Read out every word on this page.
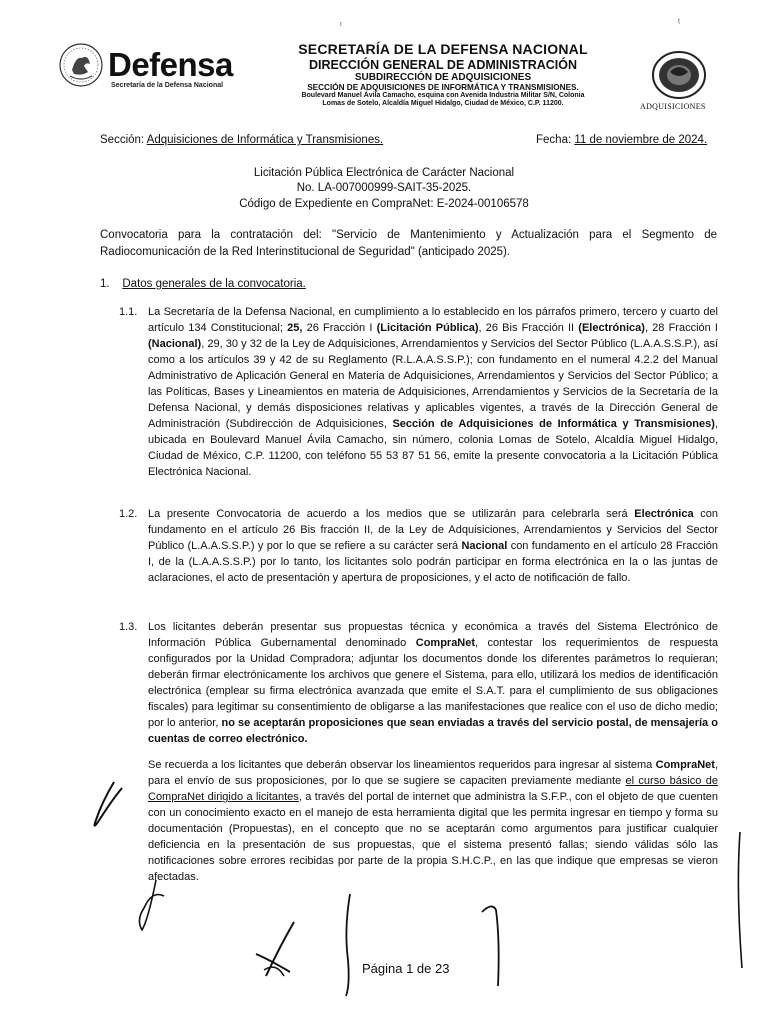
Defensa
Secretaría de la Defensa Nacional
SECRETARÍA DE LA DEFENSA NACIONAL
DIRECCIÓN GENERAL DE ADMINISTRACIÓN
SUBDIRECCIÓN DE ADQUISICIONES
SECCIÓN DE ADQUISICIONES DE INFORMÁTICA Y TRANSMISIONES.
Boulevard Manuel Ávila Camacho, esquina con Avenida Industria Militar S/N, Colonia
Lomas de Sotelo, Alcaldía Miguel Hidalgo, Ciudad de México, C.P. 11200.	ADQUISICIONES
ᵗ	ᵗ
Sección: Adquisiciones de Informática y Transmisiones.	Fecha: 11 de noviembre de 2024.
Licitación Pública Electrónica de Carácter Nacional
No. LA-007000999-SAIT-35-2025.
Código de Expediente en CompraNet: E-2024-00106578
Convocatoria para la contratación del: "Servicio de Mantenimiento y Actualización para el Segmento de Radiocomunicación de la Red Interinstitucional de Seguridad" (anticipado 2025).
1. Datos generales de la convocatoria.
1.1. La Secretaría de la Defensa Nacional, en cumplimiento a lo establecido en los párrafos primero, tercero y cuarto del artículo 134 Constitucional; 25, 26 Fracción I (Licitación Pública), 26 Bis Fracción II (Electrónica), 28 Fracción I (Nacional), 29, 30 y 32 de la Ley de Adquisiciones, Arrendamientos y Servicios del Sector Público (L.A.A.S.S.P.), así como a los artículos 39 y 42 de su Reglamento (R.L.A.A.S.S.P.); con fundamento en el numeral 4.2.2 del Manual Administrativo de Aplicación General en Materia de Adquisiciones, Arrendamientos y Servicios del Sector Público; a las Políticas, Bases y Lineamientos en materia de Adquisiciones, Arrendamientos y Servicios de la Secretaría de la Defensa Nacional, y demás disposiciones relativas y aplicables vigentes, a través de la Dirección General de Administración (Subdirección de Adquisiciones, Sección de Adquisiciones de Informática y Transmisiones), ubicada en Boulevard Manuel Ávila Camacho, sin número, colonia Lomas de Sotelo, Alcaldía Miguel Hidalgo, Ciudad de México, C.P. 11200, con teléfono 55 53 87 51 56, emite la presente convocatoria a la Licitación Pública Electrónica Nacional.
1.2. La presente Convocatoria de acuerdo a los medios que se utilizarán para celebrarla será Electrónica con fundamento en el artículo 26 Bis fracción II, de la Ley de Adquisiciones, Arrendamientos y Servicios del Sector Público (L.A.A.S.S.P.) y por lo que se refiere a su carácter será Nacional con fundamento en el artículo 28 Fracción I, de la (L.A.A.S.S.P.) por lo tanto, los licitantes solo podrán participar en forma electrónica en la o las juntas de aclaraciones, el acto de presentación y apertura de proposiciones, y el acto de notificación de fallo.
1.3. Los licitantes deberán presentar sus propuestas técnica y económica a través del Sistema Electrónico de Información Pública Gubernamental denominado CompraNet, contestar los requerimientos de respuesta configurados por la Unidad Compradora; adjuntar los documentos donde los diferentes parámetros lo requieran; deberán firmar electrónicamente los archivos que genere el Sistema, para ello, utilizará los medios de identificación electrónica (emplear su firma electrónica avanzada que emite el S.A.T. para el cumplimiento de sus obligaciones fiscales) para legitimar su consentimiento de obligarse a las manifestaciones que realice con el uso de dicho medio; por lo anterior, no se aceptarán proposiciones que sean enviadas a través del servicio postal, de mensajería o cuentas de correo electrónico.
Se recuerda a los licitantes que deberán observar los lineamientos requeridos para ingresar al sistema CompraNet, para el envío de sus proposiciones, por lo que se sugiere se capaciten previamente mediante el curso básico de CompraNet dirigido a licitantes, a través del portal de internet que administra la S.F.P., con el objeto de que cuenten con un conocimiento exacto en el manejo de esta herramienta digital que les permita ingresar en tiempo y forma su documentación (Propuestas), en el concepto que no se aceptarán como argumentos para justificar cualquier deficiencia en la presentación de sus propuestas, que el sistema presentó fallas; siendo válidas sólo las notificaciones sobre errores recibidas por parte de la propia S.H.C.P., en las que indique que empresas se vieron afectadas.
Página 1 de 23
